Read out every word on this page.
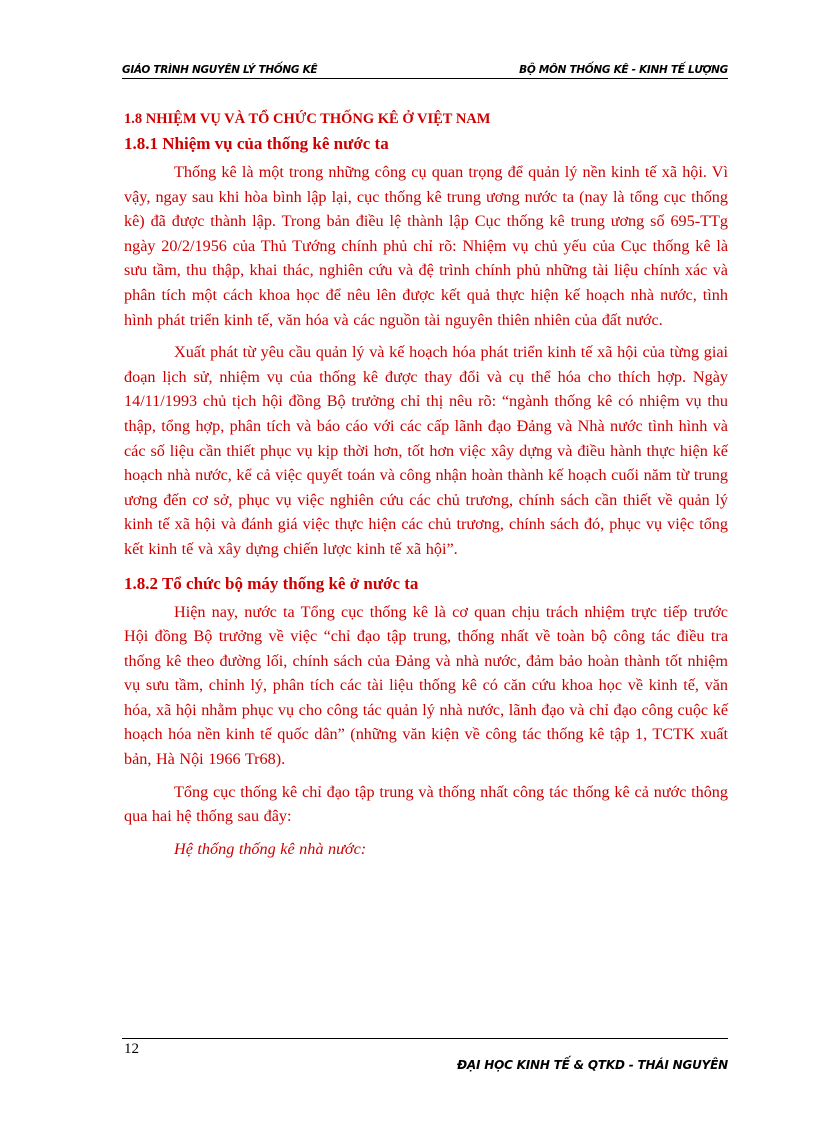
GIÁO TRÌNH NGUYÊN LÝ THỐNG KÊ	BỘ MÔN THỐNG KÊ - KINH TẾ LƯỢNG
1.8 NHIỆM VỤ VÀ TỔ CHỨC THỐNG KÊ Ở VIỆT NAM
1.8.1 Nhiệm vụ của thống kê nước ta

Thống kê là một trong những công cụ quan trọng để quản lý nền kinh tế xã hội. Vì vậy, ngay sau khi hòa bình lập lại, cục thống kê trung ương nước ta (nay là tổng cục thống kê) đã được thành lập. Trong bản điều lệ thành lập Cục thống kê trung ương số 695-TTg ngày 20/2/1956 của Thủ Tướng chính phủ chỉ rõ: Nhiệm vụ chủ yếu của Cục thống kê là sưu tầm, thu thập, khai thác, nghiên cứu và đệ trình chính phủ những tài liệu chính xác và phân tích một cách khoa học để nêu lên được kết quả thực hiện kế hoạch nhà nước, tình hình phát triển kinh tế, văn hóa và các nguồn tài nguyên thiên nhiên của đất nước.

Xuất phát từ yêu cầu quản lý và kế hoạch hóa phát triển kinh tế xã hội của từng giai đoạn lịch sử, nhiệm vụ của thống kê được thay đổi và cụ thể hóa cho thích hợp. Ngày 14/11/1993 chủ tịch hội đồng Bộ trưởng chỉ thị nêu rõ: “ngành thống kê có nhiệm vụ thu thập, tổng hợp, phân tích và báo cáo với các cấp lãnh đạo Đảng và Nhà nước tình hình và các số liệu cần thiết phục vụ kịp thời hơn, tốt hơn việc xây dựng và điều hành thực hiện kế hoạch nhà nước, kể cả việc quyết toán và công nhận hoàn thành kế hoạch cuối năm từ trung ương đến cơ sở, phục vụ việc nghiên cứu các chủ trương, chính sách cần thiết về quản lý kinh tế xã hội và đánh giá việc thực hiện các chủ trương, chính sách đó, phục vụ việc tổng kết kinh tế và xây dựng chiến lược kinh tế xã hội”.

1.8.2 Tổ chức bộ máy thống kê ở nước ta

Hiện nay, nước ta Tổng cục thống kê là cơ quan chịu trách nhiệm trực tiếp trước Hội đồng Bộ trưởng về việc “chỉ đạo tập trung, thống nhất về toàn bộ công tác điều tra thống kê theo đường lối, chính sách của Đảng và nhà nước, đảm bảo hoàn thành tốt nhiệm vụ sưu tầm, chỉnh lý, phân tích các tài liệu thống kê có căn cứu khoa học về kinh tế, văn hóa, xã hội nhằm phục vụ cho công tác quản lý nhà nước, lãnh đạo và chỉ đạo công cuộc kế hoạch hóa nền kinh tế quốc dân” (những văn kiện về công tác thống kê tập 1, TCTK xuất bản, Hà Nội 1966 Tr68).

Tổng cục thống kê chỉ đạo tập trung và thống nhất công tác thống kê cả nước thông qua hai hệ thống sau đây:

Hệ thống thống kê nhà nước:

12
ĐẠI HỌC KINH TẾ & QTKD - THÁI NGUYÊN
